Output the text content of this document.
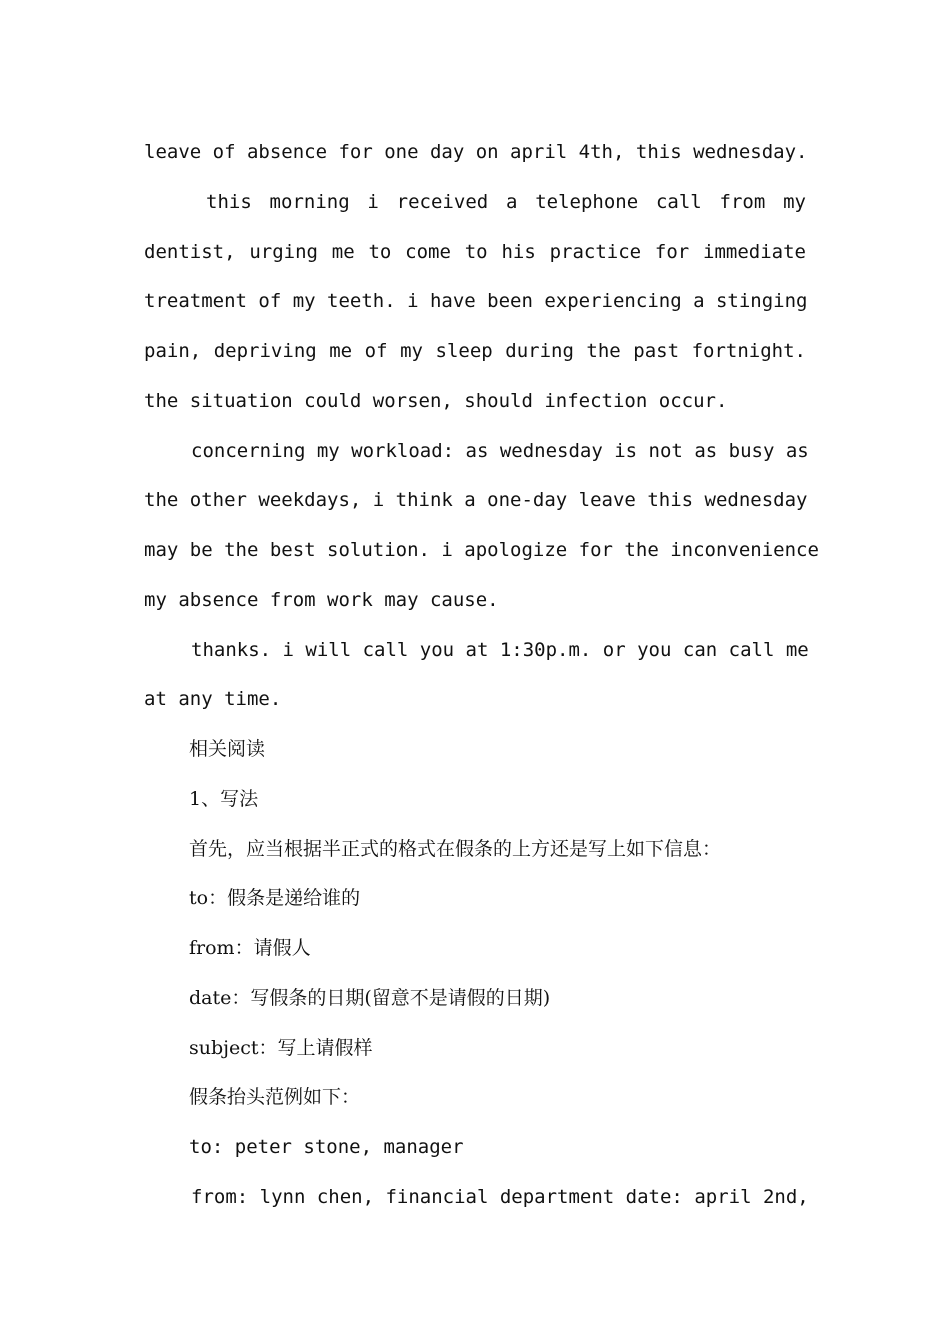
leave of absence for one day on april 4th, this wednesday.
this morning i received a telephone call from my
dentist, urging me to come to his practice for immediate
treatment of my teeth. i have been experiencing a stinging
pain, depriving me of my sleep during the past fortnight.
the situation could worsen, should infection occur.
concerning my workload: as wednesday is not as busy as
the other weekdays, i think a one-day leave this wednesday
may be the best solution. i apologize for the inconvenience
my absence from work may cause.
thanks. i will call you at 1:30p.m. or you can call me
at any time.
相关阅读
1、写法
首先，应当根据半正式的格式在假条的上方还是写上如下信息：
to：假条是递给谁的
from：请假人
date：写假条的日期(留意不是请假的日期)
subject：写上请假样
假条抬头范例如下：
to: peter stone, manager
from: lynn chen, financial department date: april 2nd,
